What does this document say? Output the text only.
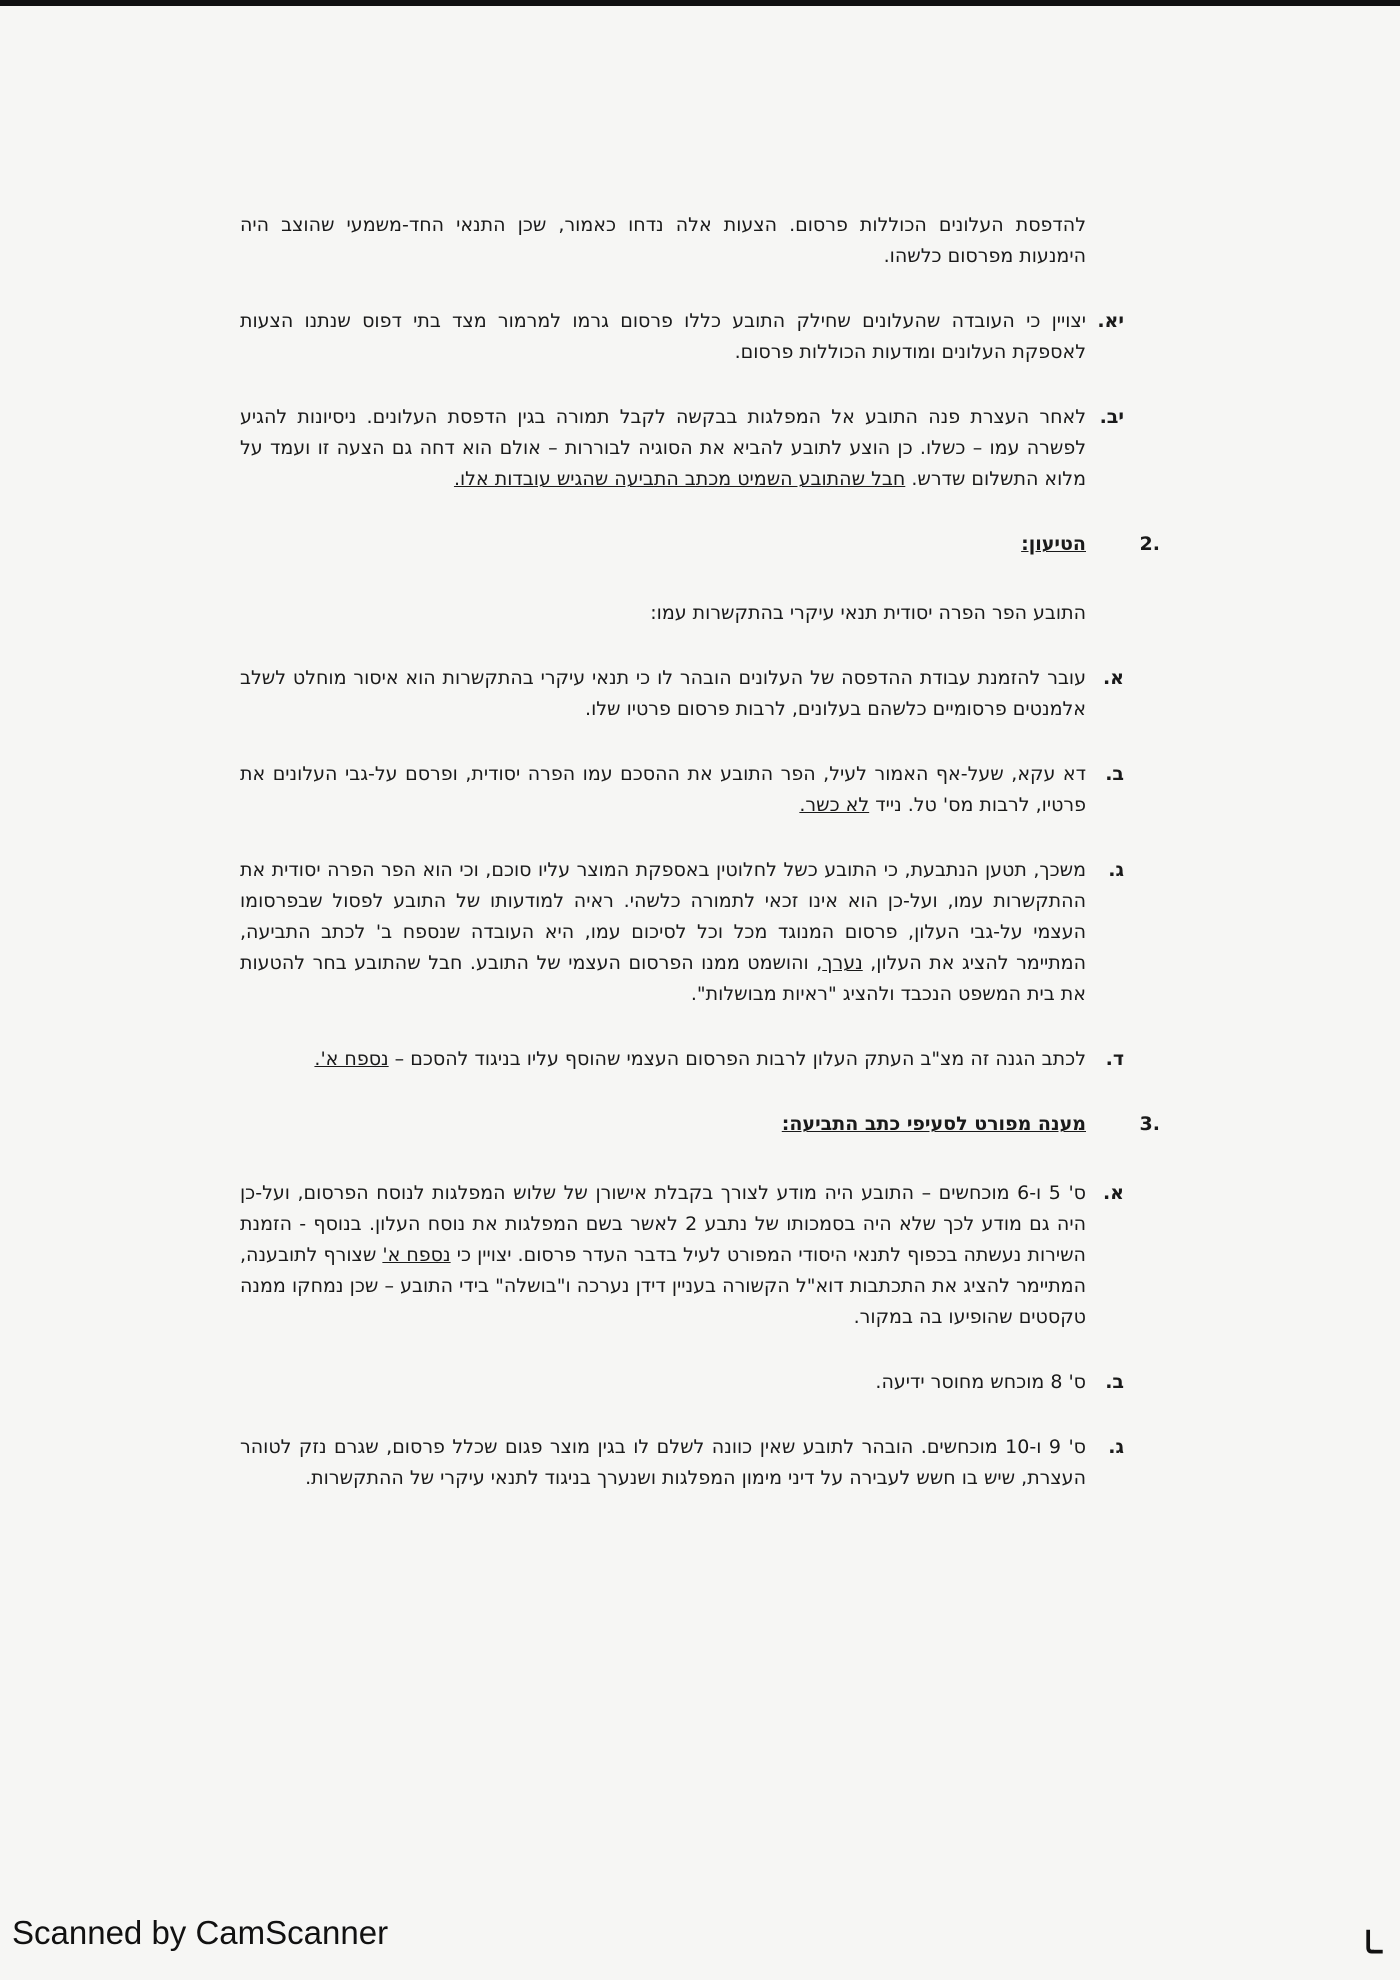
להדפסת העלונים הכוללות פרסום. הצעות אלה נדחו כאמור, שכן התנאי החד-משמעי שהוצב היה הימנעות מפרסום כלשהו.
יא.
יצויין כי העובדה שהעלונים שחילק התובע כללו פרסום גרמו למרמור מצד בתי דפוס שנתנו הצעות לאספקת העלונים ומודעות הכוללות פרסום.
יב.
לאחר העצרת פנה התובע אל המפלגות בבקשה לקבל תמורה בגין הדפסת העלונים. ניסיונות להגיע לפשרה עמו – כשלו. כן הוצע לתובע להביא את הסוגיה לבוררות – אולם הוא דחה גם הצעה זו ועמד על מלוא התשלום שדרש. חבל שהתובע השמיט מכתב התביעה שהגיש עובדות אלו.
.2
הטיעון:
התובע הפר הפרה יסודית תנאי עיקרי בהתקשרות עמו:
א.
עובר להזמנת עבודת ההדפסה של העלונים הובהר לו כי תנאי עיקרי בהתקשרות הוא איסור מוחלט לשלב אלמנטים פרסומיים כלשהם בעלונים, לרבות פרסום פרטיו שלו.
ב.
דא עקא, שעל-אף האמור לעיל, הפר התובע את ההסכם עמו הפרה יסודית, ופרסם על-גבי העלונים את פרטיו, לרבות מס' טל. נייד לא כשר.
ג.
משכך, תטען הנתבעת, כי התובע כשל לחלוטין באספקת המוצר עליו סוכם, וכי הוא הפר הפרה יסודית את ההתקשרות עמו, ועל-כן הוא אינו זכאי לתמורה כלשהי. ראיה למודעותו של התובע לפסול שבפרסומו העצמי על-גבי העלון, פרסום המנוגד מכל וכל לסיכום עמו, היא העובדה שנספח ב' לכתב התביעה, המתיימר להציג את העלון, נערך, והושמט ממנו הפרסום העצמי של התובע. חבל שהתובע בחר להטעות את בית המשפט הנכבד ולהציג "ראיות מבושלות".
ד.
לכתב הגנה זה מצ"ב העתק העלון לרבות הפרסום העצמי שהוסף עליו בניגוד להסכם – נספח א'.
.3
מענה מפורט לסעיפי כתב התביעה:
א.
ס' 5 ו-6 מוכחשים – התובע היה מודע לצורך בקבלת אישורן של שלוש המפלגות לנוסח הפרסום, ועל-כן היה גם מודע לכך שלא היה בסמכותו של נתבע 2 לאשר בשם המפלגות את נוסח העלון. בנוסף - הזמנת השירות נעשתה בכפוף לתנאי היסודי המפורט לעיל בדבר העדר פרסום. יצויין כי נספח א' שצורף לתובענה, המתיימר להציג את התכתבות דוא"ל הקשורה בעניין דידן נערכה ו"בושלה" בידי התובע – שכן נמחקו ממנה טקסטים שהופיעו בה במקור.
ב.
ס' 8 מוכחש מחוסר ידיעה.
ג.
ס' 9 ו-10 מוכחשים. הובהר לתובע שאין כוונה לשלם לו בגין מוצר פגום שכלל פרסום, שגרם נזק לטוהר העצרת, שיש בו חשש לעבירה על דיני מימון המפלגות ושנערך בניגוד לתנאי עיקרי של ההתקשרות.
Scanned by CamScanner	ـا
